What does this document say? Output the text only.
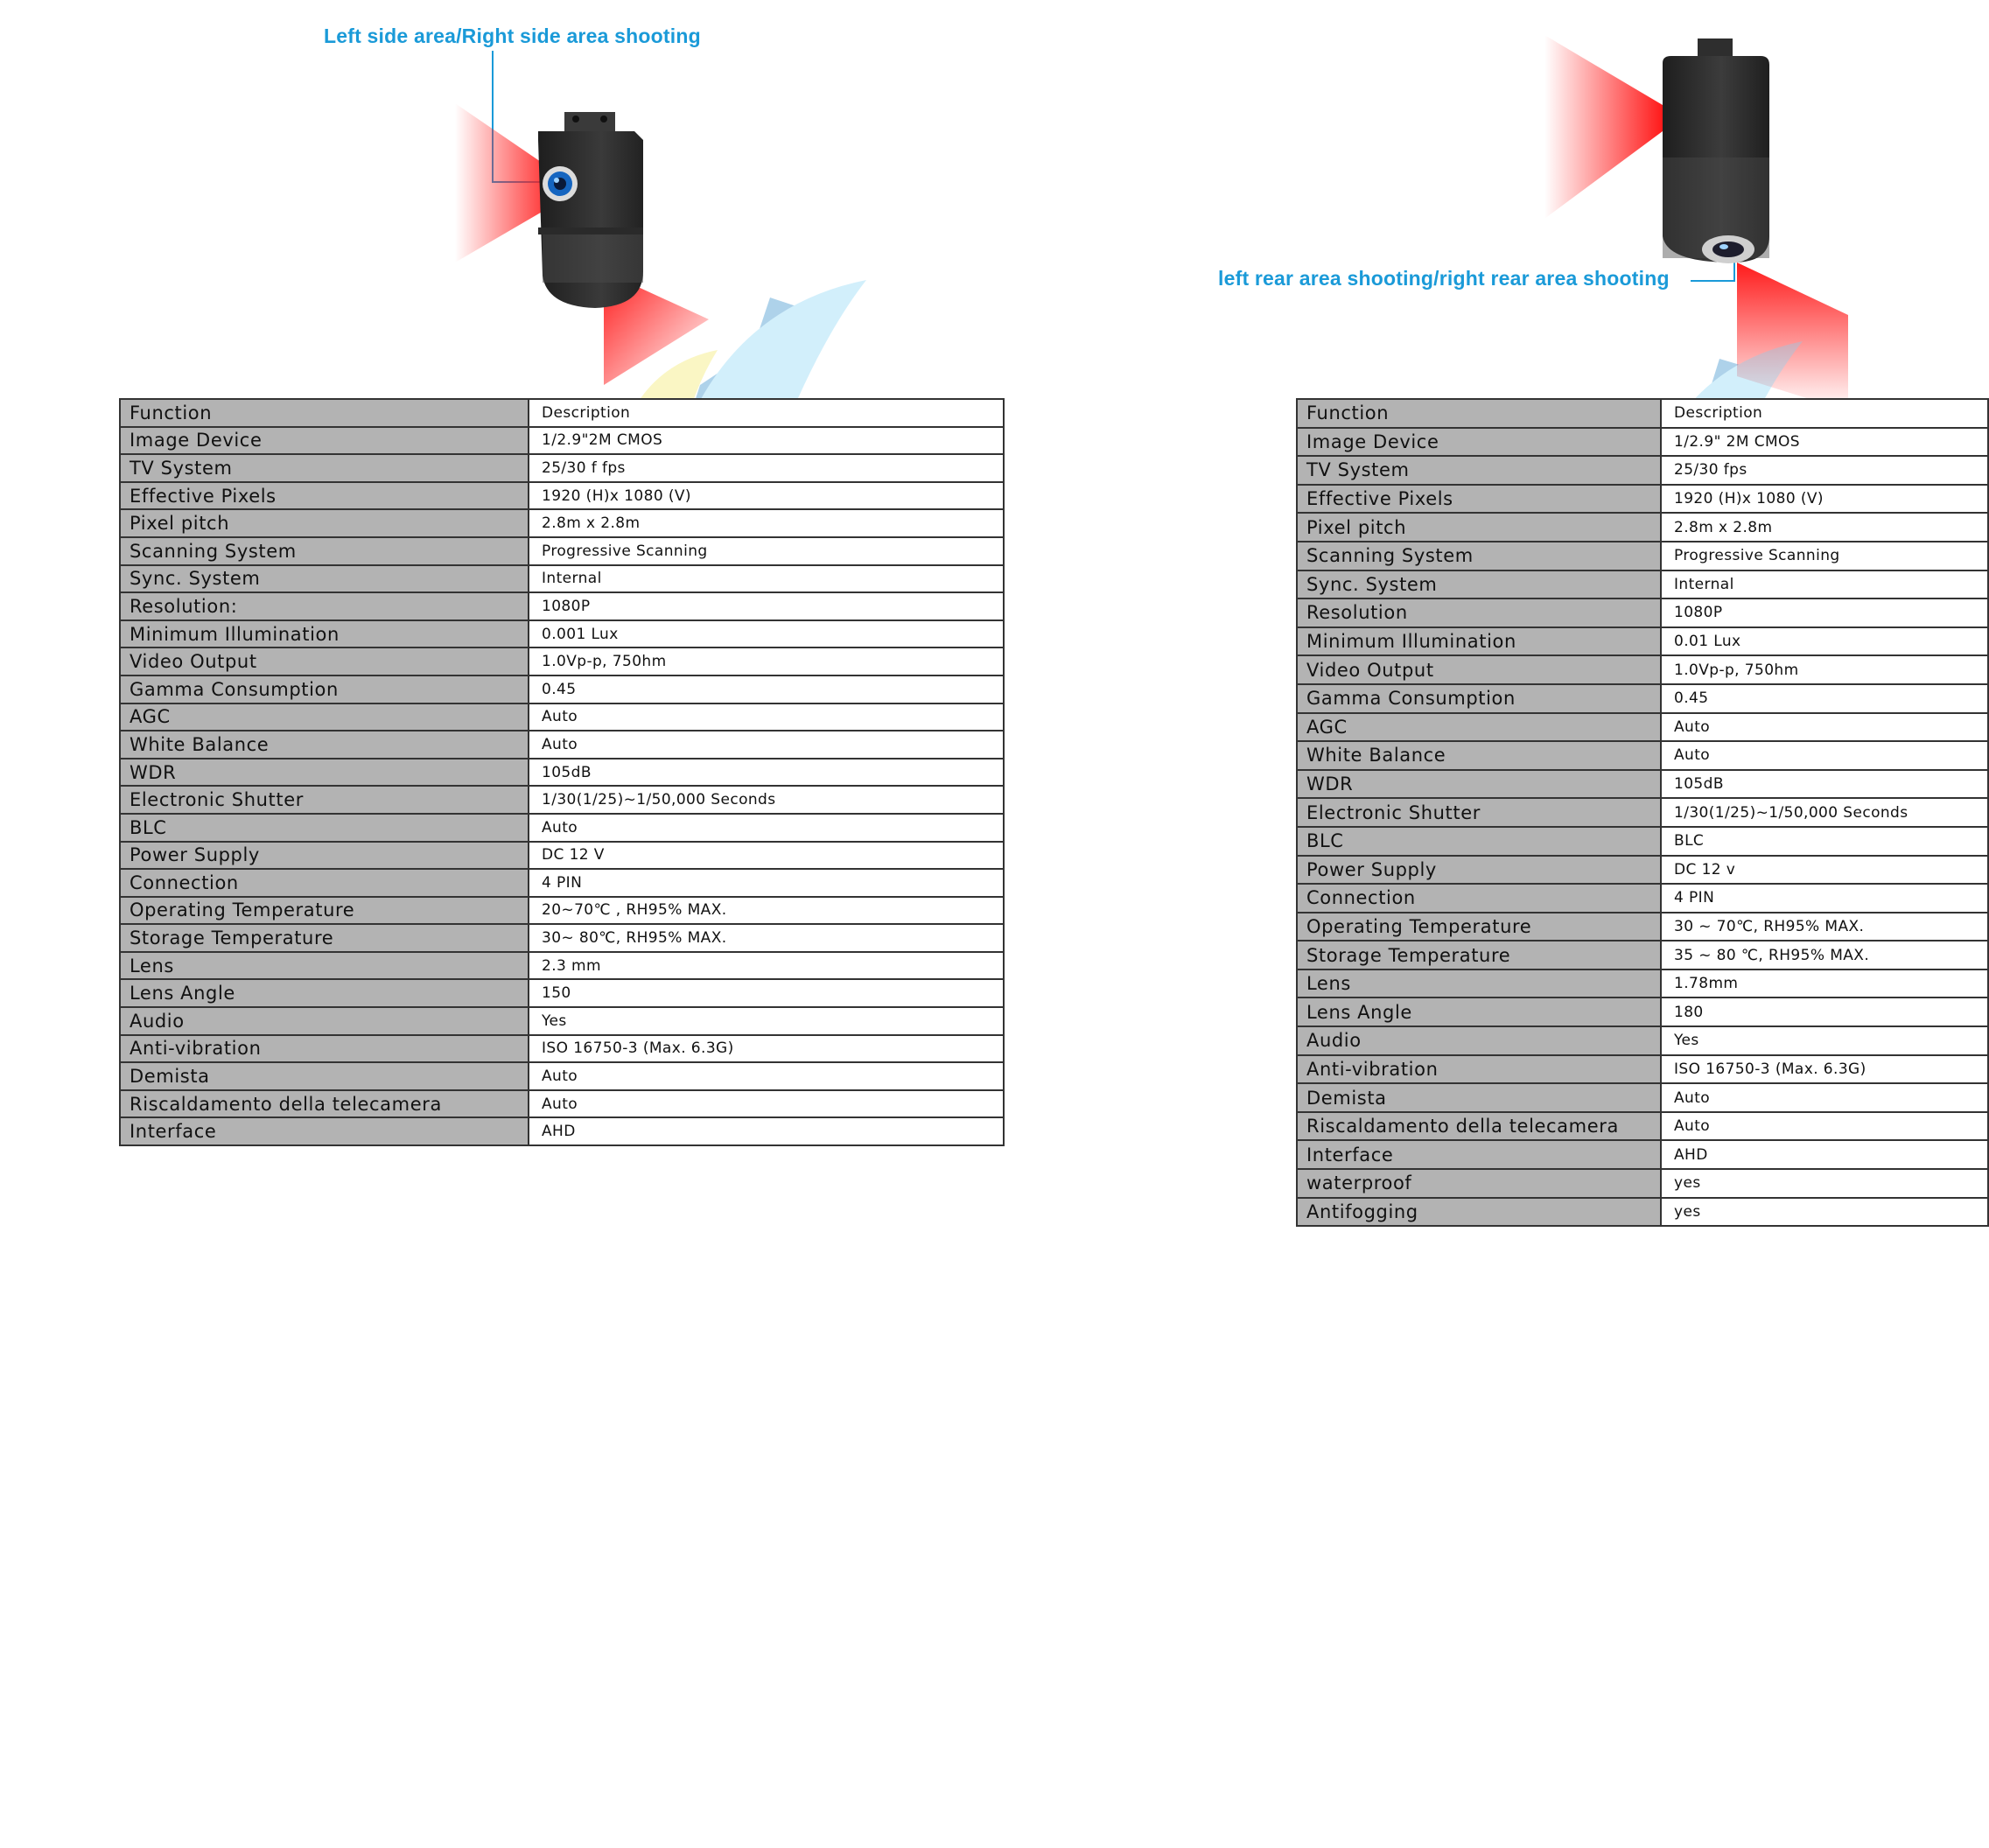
Left side area/Right side area shooting
Function	Description
Image Device	1/2.9"2M CMOS
TV System	25/30 f fps
Effective Pixels	1920 (H)x 1080 (V)
Pixel pitch	2.8m x 2.8m
Scanning System	Progressive Scanning
Sync. System	Internal
Resolution:	1080P
Minimum Illumination	0.001 Lux
Video Output	1.0Vp-p, 750hm
Gamma Consumption	0.45
AGC	Auto
White Balance	Auto
WDR	105dB
Electronic Shutter	1/30(1/25)~1/50,000 Seconds
BLC	Auto
Power Supply	DC 12 V
Connection	4 PIN
Operating Temperature	20~70℃ , RH95% MAX.
Storage Temperature	30~ 80℃, RH95% MAX.
Lens	2.3 mm
Lens Angle	150
Audio	Yes
Anti-vibration	ISO 16750-3 (Max. 6.3G)
Demista	Auto
Riscaldamento della telecamera	Auto
Interface	AHD
left rear area shooting/right rear area shooting
Function	Description
Image Device	1/2.9" 2M CMOS
TV System	25/30 fps
Effective Pixels	1920 (H)x 1080 (V)
Pixel pitch	2.8m x 2.8m
Scanning System	Progressive Scanning
Sync. System	Internal
Resolution	1080P
Minimum Illumination	0.01 Lux
Video Output	1.0Vp-p, 750hm
Gamma Consumption	0.45
AGC	Auto
White Balance	Auto
WDR	105dB
Electronic Shutter	1/30(1/25)~1/50,000 Seconds
BLC	BLC
Power Supply	DC 12 v
Connection	4 PIN
Operating Temperature	30 ~ 70℃, RH95% MAX.
Storage Temperature	35 ~ 80 ℃, RH95% MAX.
Lens	1.78mm
Lens Angle	180
Audio	Yes
Anti-vibration	ISO 16750-3 (Max. 6.3G)
Demista	Auto
Riscaldamento della telecamera	Auto
Interface	AHD
waterproof	yes
Antifogging	yes
